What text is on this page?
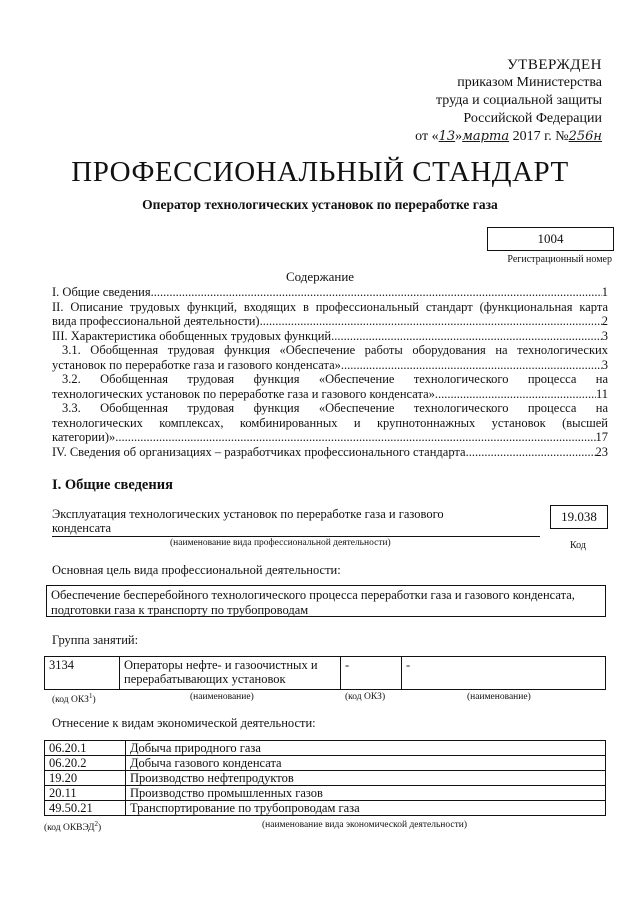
УТВЕРЖДЕН
приказом Министерства
труда и социальной защиты
Российской Федерации
от «13»марта 2017 г. №256н
ПРОФЕССИОНАЛЬНЫЙ СТАНДАРТ
Оператор технологических установок по переработке газа
1004
Регистрационный номер
Содержание
I. Общие сведения .....	1
II. Описание трудовых функций, входящих в профессиональный стандарт (функциональная карта
вида профессиональной деятельности) .....	2
III. Характеристика обобщенных трудовых функций .....	3
3.1. Обобщенная трудовая функция «Обеспечение работы оборудования на технологических
установок по переработке газа и газового конденсата» .....	3
3.2. Обобщенная трудовая функция «Обеспечение технологического процесса на
технологических установок по переработке газа и газового конденсата» .....	11
3.3. Обобщенная трудовая функция «Обеспечение технологического процесса на
технологических комплексах, комбинированных и крупнотоннажных установок (высшей
категории)» .....	17
IV. Сведения об организациях – разработчиках профессионального стандарта .....	23
I. Общие сведения
Эксплуатация технологических установок по переработке газа и газового конденсата
(наименование вида профессиональной деятельности)
19.038
Код
Основная цель вида профессиональной деятельности:
Обеспечение бесперебойного технологического процесса переработки газа и газового конденсата, подготовки газа к транспорту по трубопроводам
Группа занятий:
3134	Операторы нефте- и газоочистных и перерабатывающих установок	-	-
(код ОКЗ$^1$)	(наименование)	(код ОКЗ)	(наименование)
Отнесение к видам экономической деятельности:
06.20.1	Добыча природного газа
06.20.2	Добыча газового конденсата
19.20	Производство нефтепродуктов
20.11	Производство промышленных газов
49.50.21	Транспортирование по трубопроводам газа
(код ОКВЭД$^2$)	(наименование вида экономической деятельности)
